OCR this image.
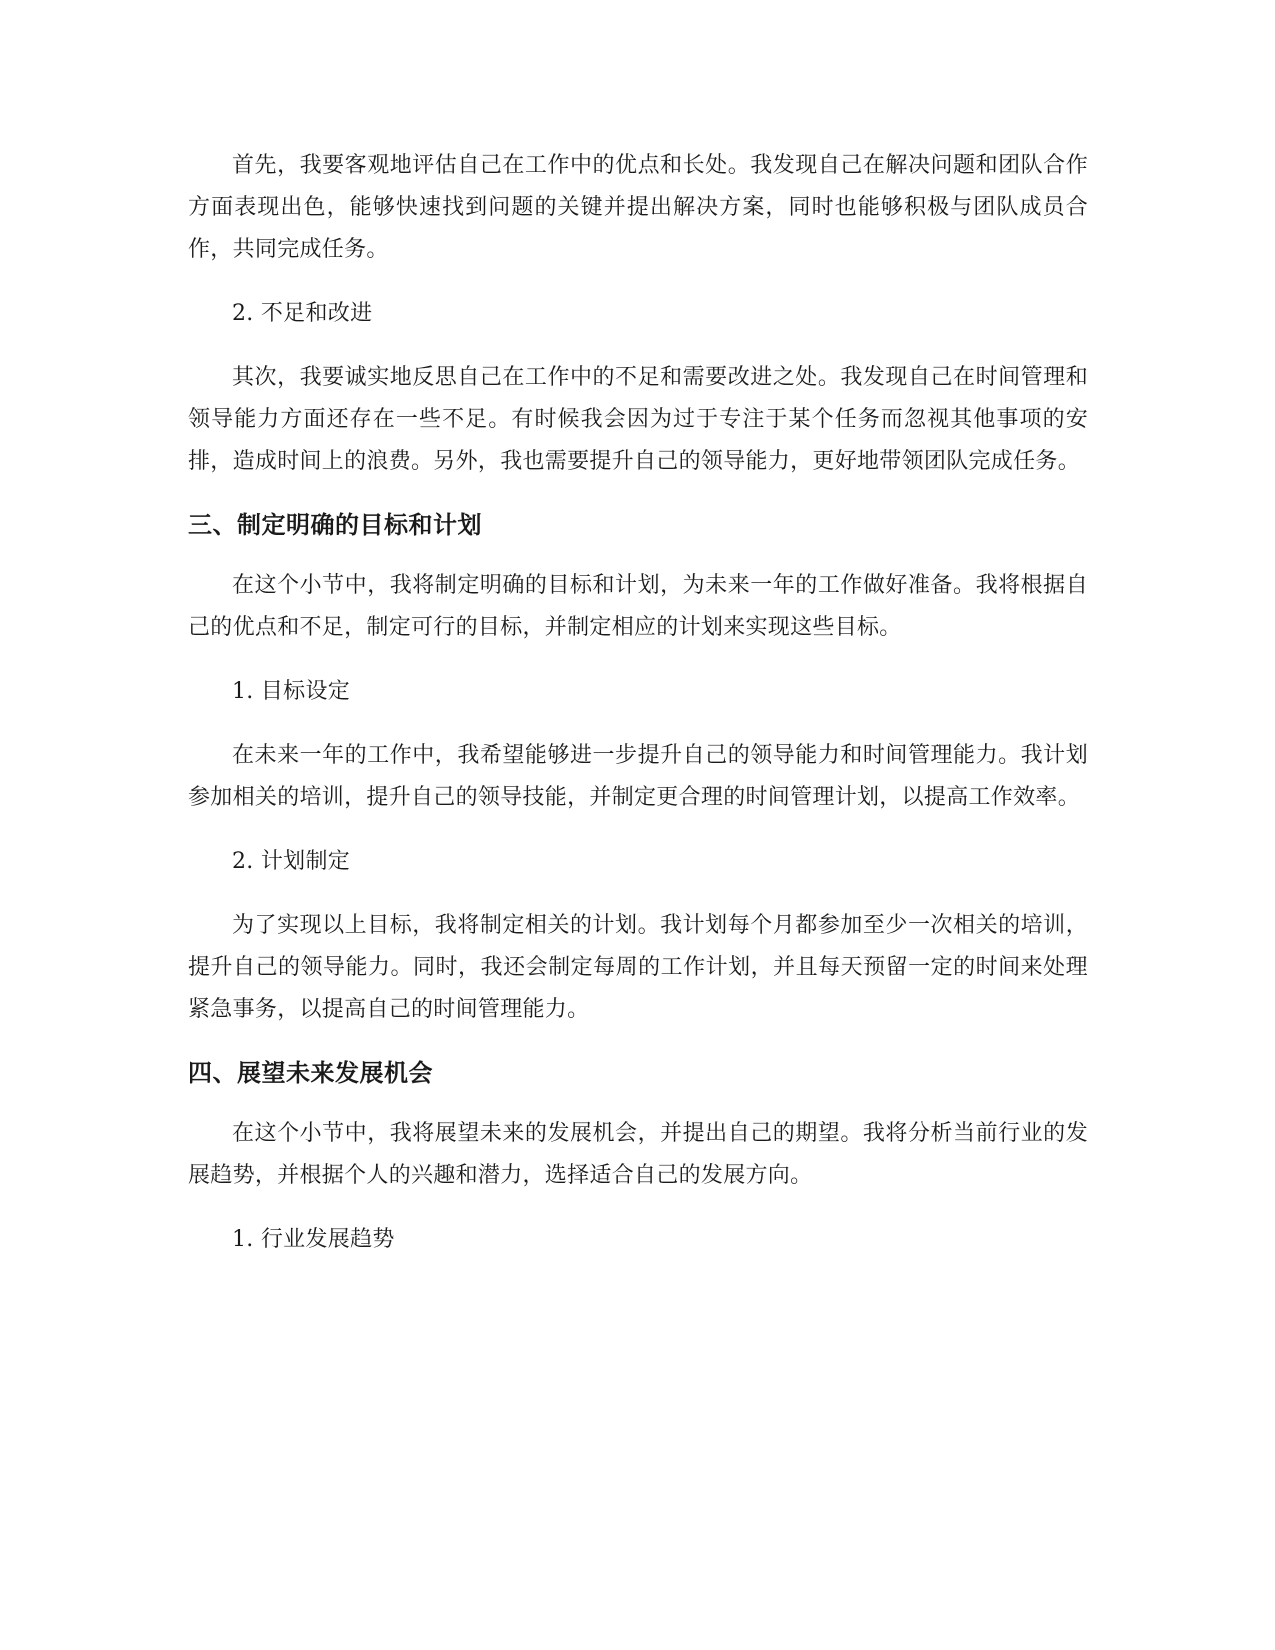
首先，我要客观地评估自己在工作中的优点和长处。我发现自己在解决问题和团队合作方面表现出色，能够快速找到问题的关键并提出解决方案，同时也能够积极与团队成员合作，共同完成任务。

2. 不足和改进

其次，我要诚实地反思自己在工作中的不足和需要改进之处。我发现自己在时间管理和领导能力方面还存在一些不足。有时候我会因为过于专注于某个任务而忽视其他事项的安排，造成时间上的浪费。另外，我也需要提升自己的领导能力，更好地带领团队完成任务。

三、制定明确的目标和计划

在这个小节中，我将制定明确的目标和计划，为未来一年的工作做好准备。我将根据自己的优点和不足，制定可行的目标，并制定相应的计划来实现这些目标。

1. 目标设定

在未来一年的工作中，我希望能够进一步提升自己的领导能力和时间管理能力。我计划参加相关的培训，提升自己的领导技能，并制定更合理的时间管理计划，以提高工作效率。

2. 计划制定

为了实现以上目标，我将制定相关的计划。我计划每个月都参加至少一次相关的培训，提升自己的领导能力。同时，我还会制定每周的工作计划，并且每天预留一定的时间来处理紧急事务，以提高自己的时间管理能力。

四、展望未来发展机会

在这个小节中，我将展望未来的发展机会，并提出自己的期望。我将分析当前行业的发展趋势，并根据个人的兴趣和潜力，选择适合自己的发展方向。

1. 行业发展趋势
